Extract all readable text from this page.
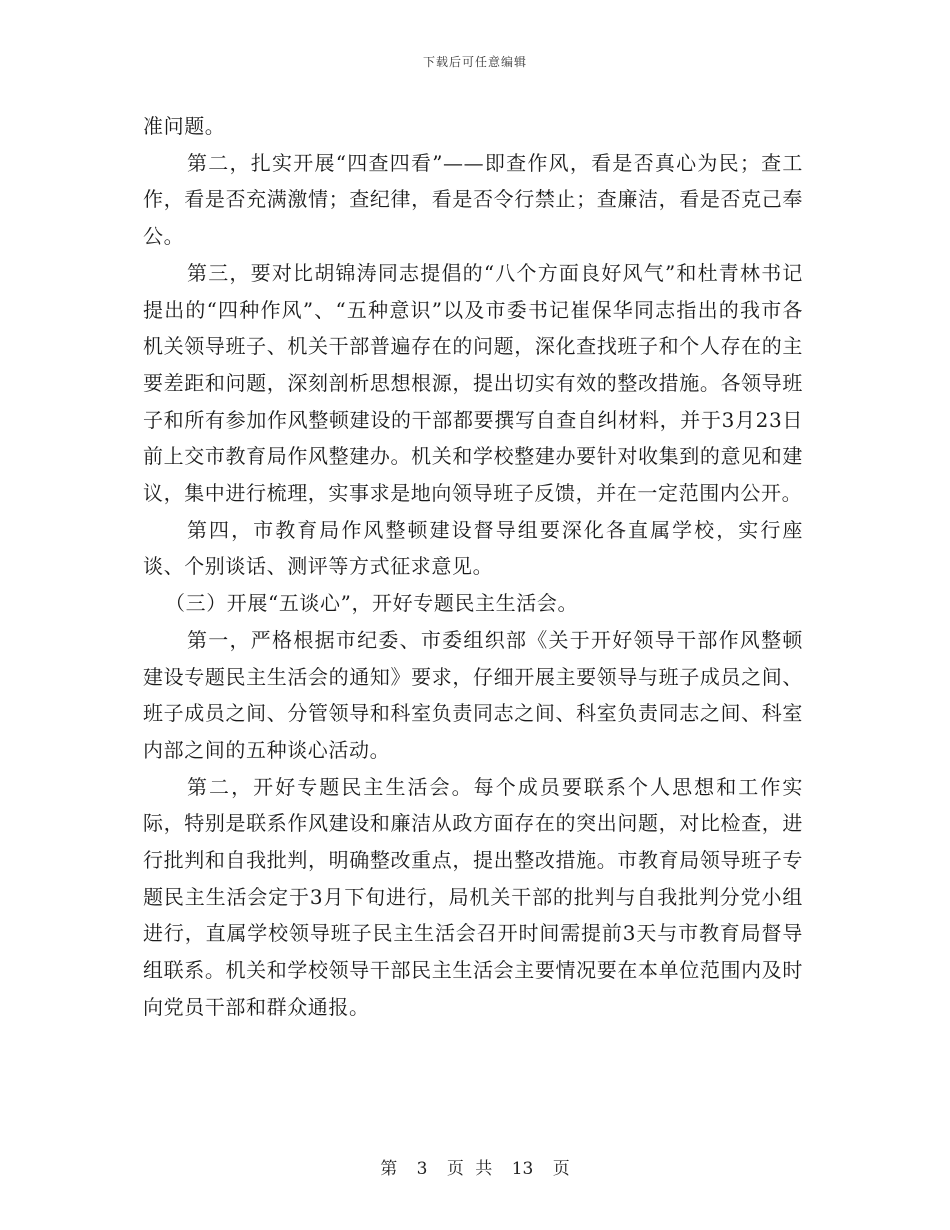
下载后可任意编辑

准问题。

第二，扎实开展“四查四看”——即查作风，看是否真心为民；查工作，看是否充满激情；查纪律，看是否令行禁止；查廉洁，看是否克己奉公。

第三，要对比胡锦涛同志提倡的“八个方面良好风气”和杜青林书记提出的“四种作风”、“五种意识”以及市委书记崔保华同志指出的我市各机关领导班子、机关干部普遍存在的问题，深化查找班子和个人存在的主要差距和问题，深刻剖析思想根源，提出切实有效的整改措施。各领导班子和所有参加作风整顿建设的干部都要撰写自查自纠材料，并于3月23日前上交市教育局作风整建办。机关和学校整建办要针对收集到的意见和建议，集中进行梳理，实事求是地向领导班子反馈，并在一定范围内公开。

第四，市教育局作风整顿建设督导组要深化各直属学校，实行座谈、个别谈话、测评等方式征求意见。

（三）开展“五谈心”，开好专题民主生活会。

第一，严格根据市纪委、市委组织部《关于开好领导干部作风整顿建设专题民主生活会的通知》要求，仔细开展主要领导与班子成员之间、班子成员之间、分管领导和科室负责同志之间、科室负责同志之间、科室内部之间的五种谈心活动。

第二，开好专题民主生活会。每个成员要联系个人思想和工作实际，特别是联系作风建设和廉洁从政方面存在的突出问题，对比检查，进行批判和自我批判，明确整改重点，提出整改措施。市教育局领导班子专题民主生活会定于3月下旬进行，局机关干部的批判与自我批判分党小组进行，直属学校领导班子民主生活会召开时间需提前3天与市教育局督导组联系。机关和学校领导干部民主生活会主要情况要在本单位范围内及时向党员干部和群众通报。

第 3 页 共 13 页
